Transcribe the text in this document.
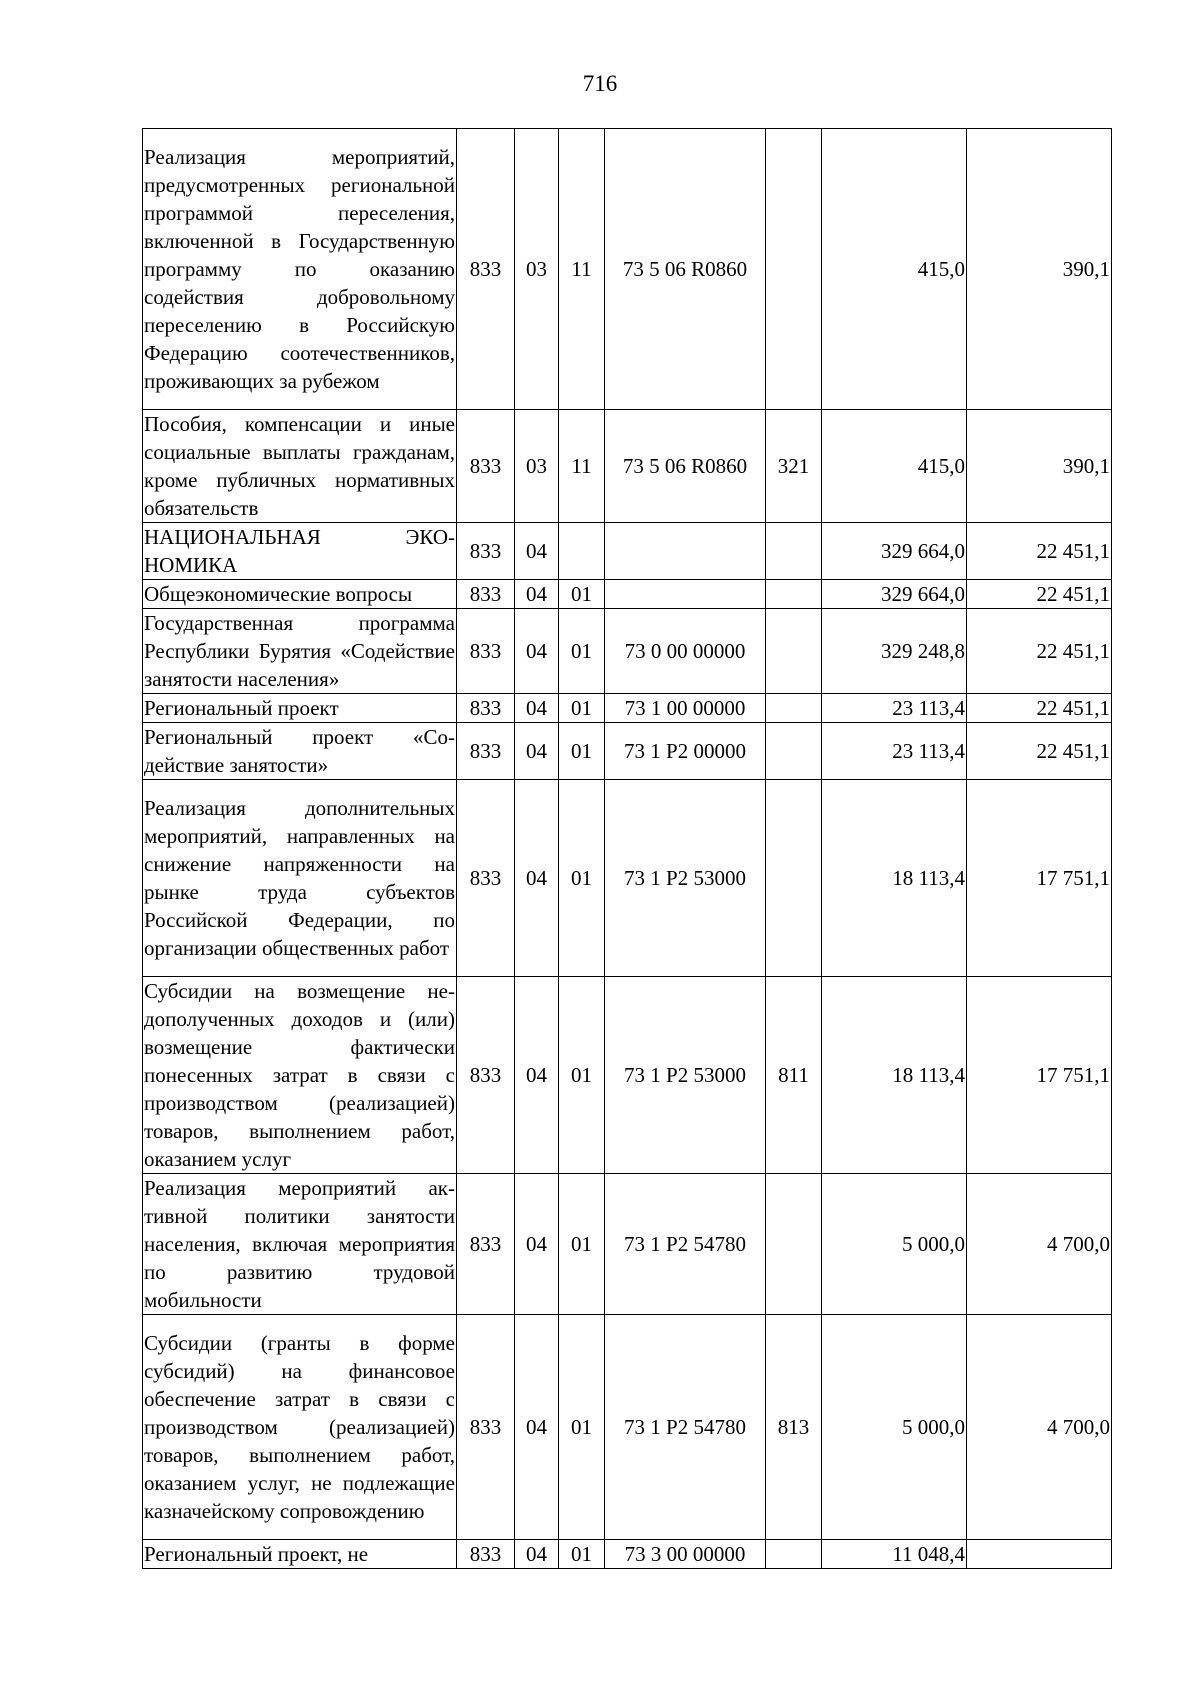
716
Реализация мероприятий, предусмотренных региональной программой переселения, включенной в Государственную программу по оказанию содействия добровольному переселению в Российскую Федерацию соотечественников, проживающих за рубежом	833	03	11	73 5 06 R0860		415,0	390,1
Пособия, компенсации и иные социальные выплаты гражданам, кроме публичных нормативных обязательств	833	03	11	73 5 06 R0860	321	415,0	390,1
НАЦИОНАЛЬНАЯ ЭКОНОМИКА	833	04				329 664,0	22 451,1
Общеэкономические вопросы	833	04	01			329 664,0	22 451,1
Государственная программа Республики Бурятия «Содействие занятости населения»	833	04	01	73 0 00 00000		329 248,8	22 451,1
Региональный проект	833	04	01	73 1 00 00000		23 113,4	22 451,1
Региональный проект «Содействие занятости»	833	04	01	73 1 P2 00000		23 113,4	22 451,1
Реализация дополнительных мероприятий, направленных на снижение напряженности на рынке труда субъектов Российской Федерации, по организации общественных работ	833	04	01	73 1 P2 53000		18 113,4	17 751,1
Субсидии на возмещение недополученных доходов и (или) возмещение фактически понесенных затрат в связи с производством (реализацией) товаров, выполнением работ, оказанием услуг	833	04	01	73 1 P2 53000	811	18 113,4	17 751,1
Реализация мероприятий активной политики занятости населения, включая мероприятия по развитию трудовой мобильности	833	04	01	73 1 P2 54780		5 000,0	4 700,0
Субсидии (гранты в форме субсидий) на финансовое обеспечение затрат в связи с производством (реализацией) товаров, выполнением работ, оказанием услуг, не подлежащие казначейскому сопровождению	833	04	01	73 1 P2 54780	813	5 000,0	4 700,0
Региональный проект, не	833	04	01	73 3 00 00000		11 048,4	
